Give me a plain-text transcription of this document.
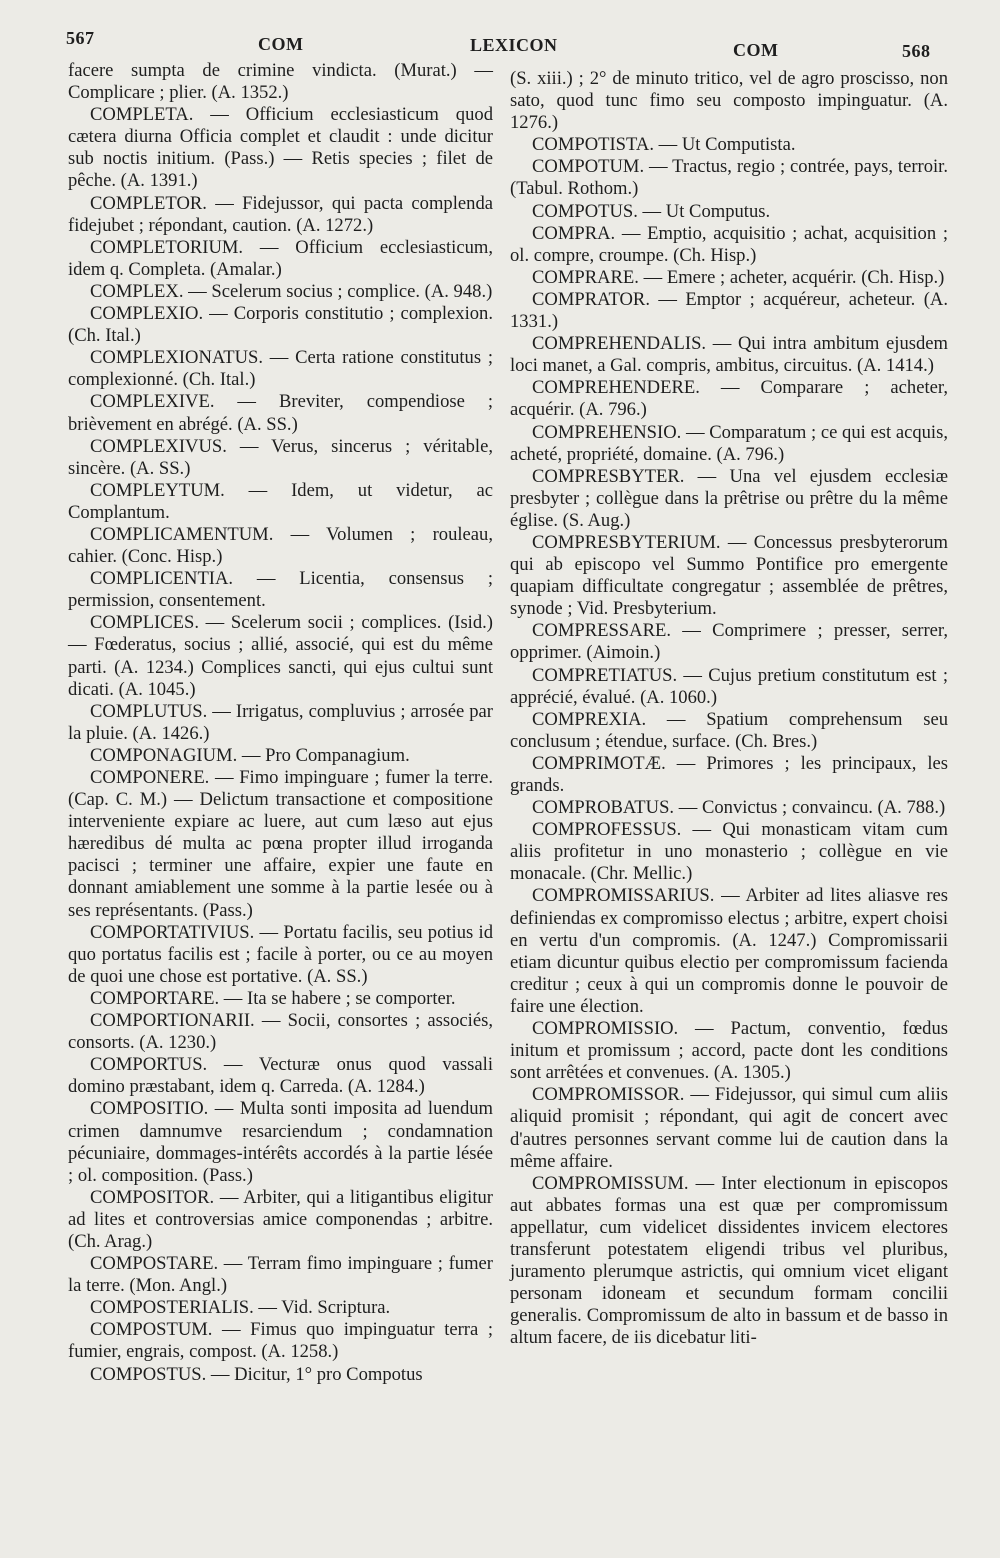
567	COM	LEXICON	COM	568

facere sumpta de crimine vindicta. (Murat.) — Complicare ; plier. (A. 1352.)

COMPLETA. — Officium ecclesiasticum quod cætera diurna Officia complet et claudit : unde dicitur sub noctis initium. (Pass.) — Retis species ; filet de pêche. (A. 1391.)

COMPLETOR. — Fidejussor, qui pacta complenda fidejubet ; répondant, caution. (A. 1272.)

COMPLETORIUM. — Officium ecclesiasticum, idem q. Completa. (Amalar.)

COMPLEX. — Scelerum socius ; complice. (A. 948.)

COMPLEXIO. — Corporis constitutio ; complexion. (Ch. Ital.)

COMPLEXIONATUS. — Certa ratione constitutus ; complexionné. (Ch. Ital.)

COMPLEXIVE. — Breviter, compendiose ; brièvement en abrégé. (A. SS.)

COMPLEXIVUS. — Verus, sincerus ; véritable, sincère. (A. SS.)

COMPLEYTUM. — Idem, ut videtur, ac Complantum.

COMPLICAMENTUM. — Volumen ; rouleau, cahier. (Conc. Hisp.)

COMPLICENTIA. — Licentia, consensus ; permission, consentement.

COMPLICES. — Scelerum socii ; complices. (Isid.) — Fœderatus, socius ; allié, associé, qui est du même parti. (A. 1234.) Complices sancti, qui ejus cultui sunt dicati. (A. 1045.)

COMPLUTUS. — Irrigatus, compluvius ; arrosée par la pluie. (A. 1426.)

COMPONAGIUM. — Pro Companagium.

COMPONERE. — Fimo impinguare ; fumer la terre. (Cap. C. M.) — Delictum transactione et compositione interveniente expiare ac luere, aut cum læso aut ejus hæredibus dé multa ac pœna propter illud irroganda pacisci ; terminer une affaire, expier une faute en donnant amiablement une somme à la partie lesée ou à ses représentants. (Pass.)

COMPORTATIVIUS. — Portatu facilis, seu potius id quo portatus facilis est ; facile à porter, ou ce au moyen de quoi une chose est portative. (A. SS.)

COMPORTARE. — Ita se habere ; se comporter.

COMPORTIONARII. — Socii, consortes ; associés, consorts. (A. 1230.)

COMPORTUS. — Vecturæ onus quod vassali domino præstabant, idem q. Carreda. (A. 1284.)

COMPOSITIO. — Multa sonti imposita ad luendum crimen damnumve resarciendum ; condamnation pécuniaire, dommages-intérêts accordés à la partie lésée ; ol. composition. (Pass.)

COMPOSITOR. — Arbiter, qui a litigantibus eligitur ad lites et controversias amice componendas ; arbitre. (Ch. Arag.)

COMPOSTARE. — Terram fimo impinguare ; fumer la terre. (Mon. Angl.)

COMPOSTERIALIS. — Vid. Scriptura.

COMPOSTUM. — Fimus quo impinguatur terra ; fumier, engrais, compost. (A. 1258.)

COMPOSTUS. — Dicitur, 1° pro Compotus

(S. xiii.) ; 2° de minuto tritico, vel de agro proscisso, non sato, quod tunc fimo seu composto impinguatur. (A. 1276.)

COMPOTISTA. — Ut Computista.

COMPOTUM. — Tractus, regio ; contrée, pays, terroir. (Tabul. Rothom.)

COMPOTUS. — Ut Computus.

COMPRA. — Emptio, acquisitio ; achat, acquisition ; ol. compre, croumpe. (Ch. Hisp.)

COMPRARE. — Emere ; acheter, acquérir. (Ch. Hisp.)

COMPRATOR. — Emptor ; acquéreur, acheteur. (A. 1331.)

COMPREHENDALIS. — Qui intra ambitum ejusdem loci manet, a Gal. compris, ambitus, circuitus. (A. 1414.)

COMPREHENDERE. — Comparare ; acheter, acquérir. (A. 796.)

COMPREHENSIO. — Comparatum ; ce qui est acquis, acheté, propriété, domaine. (A. 796.)

COMPRESBYTER. — Una vel ejusdem ecclesiæ presbyter ; collègue dans la prêtrise ou prêtre du la même église. (S. Aug.)

COMPRESBYTERIUM. — Concessus presbyterorum qui ab episcopo vel Summo Pontifice pro emergente quapiam difficultate congregatur ; assemblée de prêtres, synode ; Vid. Presbyterium.

COMPRESSARE. — Comprimere ; presser, serrer, opprimer. (Aimoin.)

COMPRETIATUS. — Cujus pretium constitutum est ; apprécié, évalué. (A. 1060.)

COMPREXIA. — Spatium comprehensum seu conclusum ; étendue, surface. (Ch. Bres.)

COMPRIMOTÆ. — Primores ; les principaux, les grands.

COMPROBATUS. — Convictus ; convaincu. (A. 788.)

COMPROFESSUS. — Qui monasticam vitam cum aliis profitetur in uno monasterio ; collègue en vie monacale. (Chr. Mellic.)

COMPROMISSARIUS. — Arbiter ad lites aliasve res definiendas ex compromisso electus ; arbitre, expert choisi en vertu d'un compromis. (A. 1247.) Compromissarii etiam dicuntur quibus electio per compromissum facienda creditur ; ceux à qui un compromis donne le pouvoir de faire une élection.

COMPROMISSIO. — Pactum, conventio, fœdus initum et promissum ; accord, pacte dont les conditions sont arrêtées et convenues. (A. 1305.)

COMPROMISSOR. — Fidejussor, qui simul cum aliis aliquid promisit ; répondant, qui agit de concert avec d'autres personnes servant comme lui de caution dans la même affaire.

COMPROMISSUM. — Inter electionum in episcopos aut abbates formas una est quæ per compromissum appellatur, cum videlicet dissidentes invicem electores transferunt potestatem eligendi tribus vel pluribus, juramento plerumque astrictis, qui omnium vicet eligant personam idoneam et secundum formam concilii generalis. Compromissum de alto in bassum et de basso in altum facere, de iis dicebatur liti-
